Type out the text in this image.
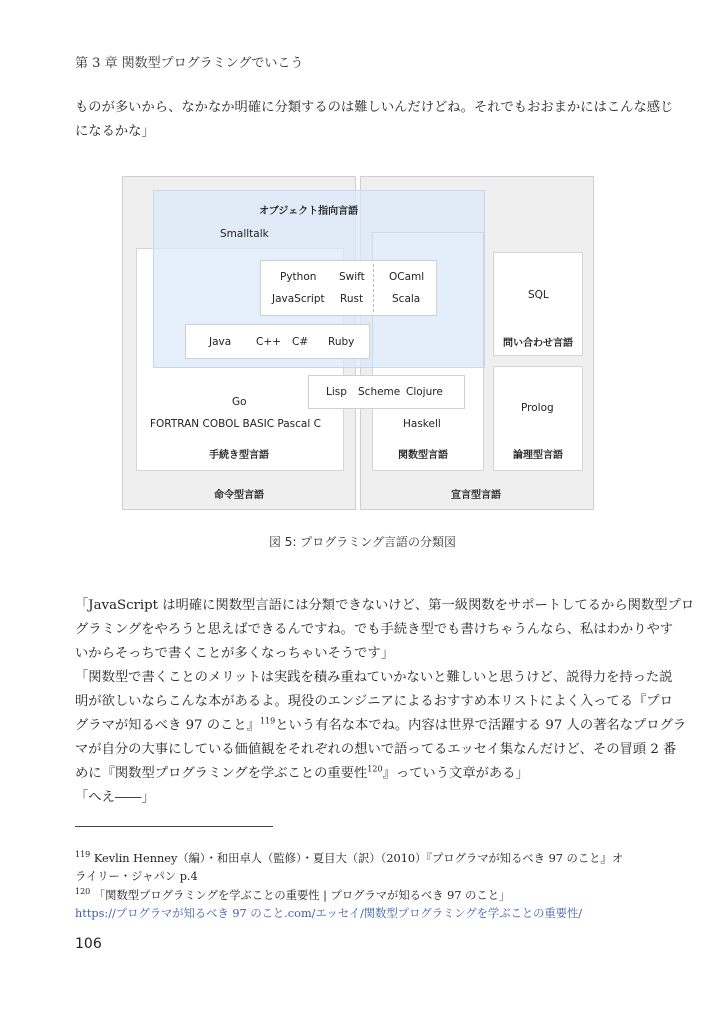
第 3 章 関数型プログラミングでいこう
ものが多いから、なかなか明確に分類するのは難しいんだけどね。それでもおおまかにはこんな感じ
になるかな」
オブジェクト指向言語
Smalltalk
Python Swift OCaml
JavaScript Rust	Scala
Java C++ C# Ruby
Lisp Scheme Clojure
Go
FORTRAN COBOL BASIC Pascal C
手続き型言語
Haskell
関数型言語
SQL
問い合わせ言語
Prolog
論理型言語
命令型言語	宣言型言語
図 5: プログラミング言語の分類図
「JavaScript は明確に関数型言語には分類できないけど、第一級関数をサポートしてるから関数型プロ
グラミングをやろうと思えばできるんですね。でも手続き型でも書けちゃうんなら、私はわかりやす
いからそっちで書くことが多くなっちゃいそうです」
「関数型で書くことのメリットは実践を積み重ねていかないと難しいと思うけど、説得力を持った説
明が欲しいならこんな本があるよ。現役のエンジニアによるおすすめ本リストによく入ってる『プロ
グラマが知るべき 97 のこと』$^{119}$という有名な本でね。内容は世界で活躍する 97 人の著名なプログラ
マが自分の大事にしている価値観をそれぞれの想いで語ってるエッセイ集なんだけど、その冒頭 2 番
めに『関数型プログラミングを学ぶことの重要性$^{120}$』っていう文章がある」
「へえ――」
$^{119}$ Kevlin Henney（編）・和田卓人（監修）・夏目大（訳）（2010）『プログラマが知るべき 97 のこと』オ
ライリー・ジャパン p.4
$^{120}$ 「関数型プログラミングを学ぶことの重要性 | プログラマが知るべき 97 のこと」
https://プログラマが知るべき 97 のこと.com/エッセイ/関数型プログラミングを学ぶことの重要性/
106
